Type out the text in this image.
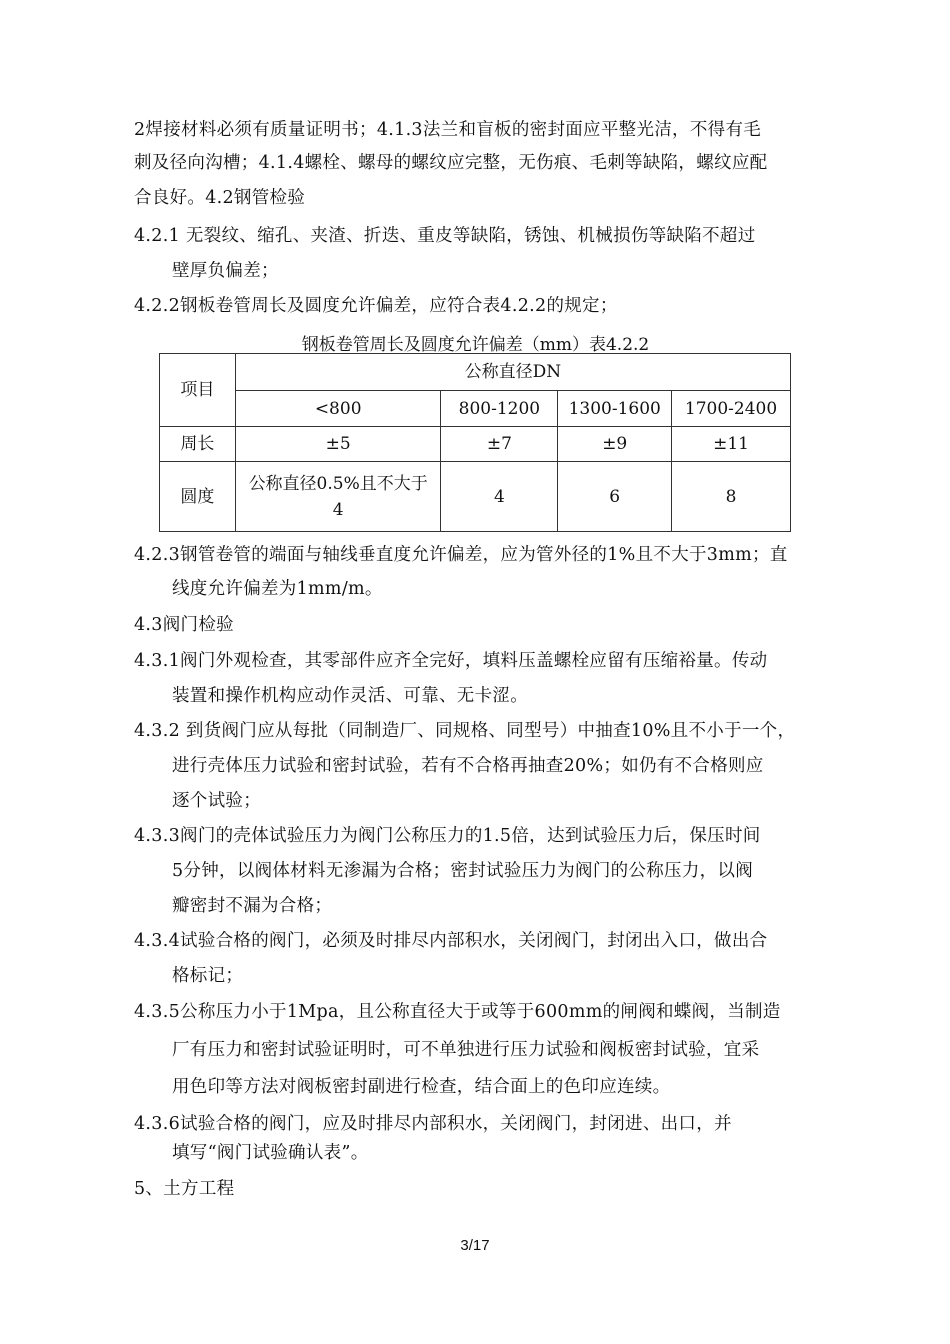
2焊接材料必须有质量证明书；4.1.3法兰和盲板的密封面应平整光洁，不得有毛
刺及径向沟槽；4.1.4螺栓、螺母的螺纹应完整，无伤痕、毛刺等缺陷，螺纹应配
合良好。4.2钢管检验
4.2.1 无裂纹、缩孔、夹渣、折迭、重皮等缺陷，锈蚀、机械损伤等缺陷不超过
壁厚负偏差；
4.2.2钢板卷管周长及圆度允许偏差，应符合表4.2.2的规定；
钢板卷管周长及圆度允许偏差（mm）表4.2.2
项目	公称直径DN			
	<800	800-1200	1300-1600	1700-2400
周长	±5	±7	±9	±11
圆度	公称直径0.5%且不大于4	4	6	8
4.2.3钢管卷管的端面与轴线垂直度允许偏差，应为管外径的1%且不大于3mm；直
线度允许偏差为1mm/m。
4.3阀门检验
4.3.1阀门外观检查，其零部件应齐全完好，填料压盖螺栓应留有压缩裕量。传动
装置和操作机构应动作灵活、可靠、无卡涩。
4.3.2 到货阀门应从每批（同制造厂、同规格、同型号）中抽查10%且不小于一个，
进行壳体压力试验和密封试验，若有不合格再抽查20%；如仍有不合格则应
逐个试验；
4.3.3阀门的壳体试验压力为阀门公称压力的1.5倍，达到试验压力后，保压时间
5分钟，以阀体材料无渗漏为合格；密封试验压力为阀门的公称压力，以阀
瓣密封不漏为合格；
4.3.4试验合格的阀门，必须及时排尽内部积水，关闭阀门，封闭出入口，做出合
格标记；
4.3.5公称压力小于1Mpa，且公称直径大于或等于600mm的闸阀和蝶阀，当制造
厂有压力和密封试验证明时，可不单独进行压力试验和阀板密封试验，宜采
用色印等方法对阀板密封副进行检查，结合面上的色印应连续。
4.3.6试验合格的阀门，应及时排尽内部积水，关闭阀门，封闭进、出口，并
填写“阀门试验确认表”。
5、土方工程
3/17
